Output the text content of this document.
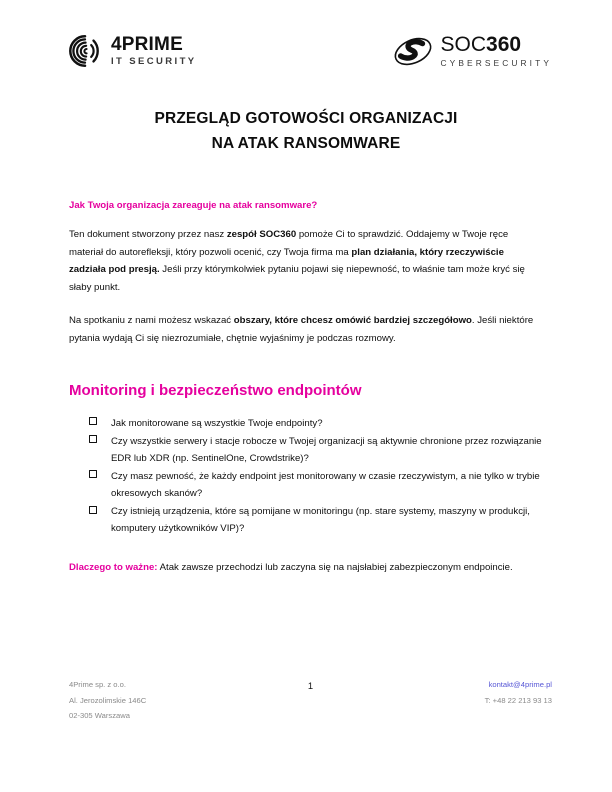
4PRIME
IT SECURITY
SOC360
CYBERSECURITY
PRZEGLĄD GOTOWOŚCI ORGANIZACJI
NA ATAK RANSOMWARE

Jak Twoja organizacja zareaguje na atak ransomware?

Ten dokument stworzony przez nasz zespół SOC360 pomoże Ci to sprawdzić. Oddajemy w Twoje ręce materiał do autorefleksji, który pozwoli ocenić, czy Twoja firma ma plan działania, który rzeczywiście zadziała pod presją. Jeśli przy którymkolwiek pytaniu pojawi się niepewność, to właśnie tam może kryć się słaby punkt.

Na spotkaniu z nami możesz wskazać obszary, które chcesz omówić bardziej szczegółowo. Jeśli niektóre pytania wydają Ci się niezrozumiałe, chętnie wyjaśnimy je podczas rozmowy.

Monitoring i bezpieczeństwo endpointów
Jak monitorowane są wszystkie Twoje endpointy?
Czy wszystkie serwery i stacje robocze w Twojej organizacji są aktywnie chronione przez rozwiązanie EDR lub XDR (np. SentinelOne, Crowdstrike)?
Czy masz pewność, że każdy endpoint jest monitorowany w czasie rzeczywistym, a nie tylko w trybie okresowych skanów?
Czy istnieją urządzenia, które są pomijane w monitoringu (np. stare systemy, maszyny w produkcji, komputery użytkowników VIP)?

Dlaczego to ważne: Atak zawsze przechodzi lub zaczyna się na najsłabiej zabezpieczonym endpoincie.

4Prime sp. z o.o.
Al. Jerozolimskie 146C
02-305 Warszawa
1	kontakt@4prime.pl
T: +48 22 213 93 13
